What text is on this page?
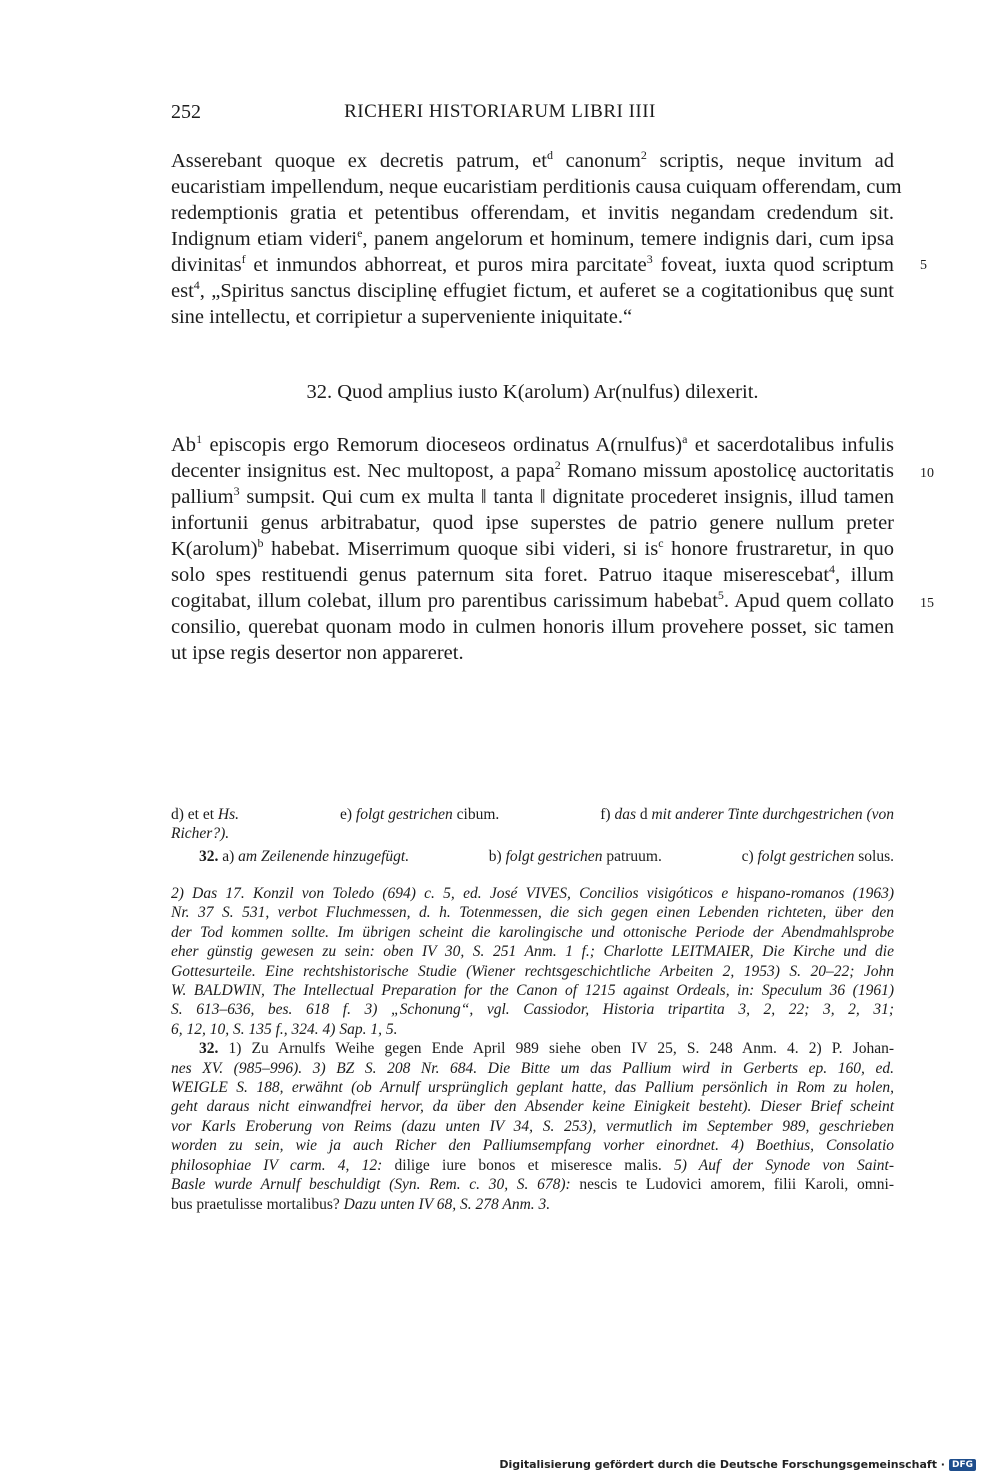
252	RICHERI HISTORIARUM LIBRI IIII
Asserebant quoque ex decretis patrum, $et^d$ canonum$^2$ scriptis, neque invitum ad
eucaristiam impellendum, neque eucaristiam perditionis causa cuiquam offerendam, cum
redemptionis gratia et petentibus offerendam, et invitis negandam credendum sit.
Indignum etiam videri$^e$, panem angelorum et hominum, temere indignis dari, cum ipsa
divinitas$^f$ et inmundos abhorreat, et puros mira parcitate$^3$ foveat, iuxta quod scriptum
est$^4$, „Spiritus sanctus disciplinę effugiet fictum, et auferet se a cogitationibus quę sunt
sine intellectu, et corripietur a superveniente iniquitate.“
5
32. Quod amplius iusto K(arolum) Ar(nulfus) dilexerit.
Ab$^1$ episcopis ergo Remorum dioceseos ordinatus A(rnulfus)$^a$ et sacerdotalibus infulis
decenter insignitus est. Nec multopost, a papa$^2$ Romano missum apostolicę auctoritatis
pallium$^3$ sumpsit. Qui cum ex multa ‖ tanta ‖ dignitate procederet insignis, illud tamen
infortunii genus arbitrabatur, quod ipse superstes de patrio genere nullum preter
K(arolum)$^b$ habebat. Miserrimum quoque sibi videri, si $is^c$ honore frustraretur, in quo
solo spes restituendi genus paternum sita foret. Patruo itaque miserescebat$^4$, illum
cogitabat, illum colebat, illum pro parentibus carissimum habebat$^5$. Apud quem collato
consilio, querebat quonam modo in culmen honoris illum provehere posset, sic tamen
ut ipse regis desertor non appareret.
10
15
d) et et Hs.	e) folgt gestrichen cibum.	f) das d mit anderer Tinte durchgestrichen (von
Richer?).
32. a) am Zeilenende hinzugefügt.	b) folgt gestrichen patruum.	c) folgt gestrichen solus.
2) Das 17. Konzil von Toledo (694) c. 5, ed. José VIVES, Concilios visigóticos e hispano-romanos (1963)
Nr. 37 S. 531, verbot Fluchmessen, d. h. Totenmessen, die sich gegen einen Lebenden richteten, über den
der Tod kommen sollte. Im übrigen scheint die karolingische und ottonische Periode der Abendmahlsprobe
eher günstig gewesen zu sein: oben IV 30, S. 251 Anm. 1 f.; Charlotte LEITMAIER, Die Kirche und die
Gottesurteile. Eine rechtshistorische Studie (Wiener rechtsgeschichtliche Arbeiten 2, 1953) S. 20–22; John
W. BALDWIN, The Intellectual Preparation for the Canon of 1215 against Ordeals, in: Speculum 36 (1961)
S. 613–636, bes. 618 f. 3) „Schonung“, vgl. Cassiodor, Historia tripartita 3, 2, 22; 3, 2, 31;
6, 12, 10, S. 135 f., 324. 4) Sap. 1, 5.
32. 1) Zu Arnulfs Weihe gegen Ende April 989 siehe oben IV 25, S. 248 Anm. 4. 2) P. Johan-
nes XV. (985–996). 3) BZ S. 208 Nr. 684. Die Bitte um das Pallium wird in Gerberts ep. 160, ed.
WEIGLE S. 188, erwähnt (ob Arnulf ursprünglich geplant hatte, das Pallium persönlich in Rom zu holen,
geht daraus nicht einwandfrei hervor, da über den Absender keine Einigkeit besteht). Dieser Brief scheint
vor Karls Eroberung von Reims (dazu unten IV 34, S. 253), vermutlich im September 989, geschrieben
worden zu sein, wie ja auch Richer den Palliumsempfang vorher einordnet. 4) Boethius, Consolatio
philosophiae IV carm. 4, 12: dilige iure bonos et miseresce malis. 5) Auf der Synode von Saint-
Basle wurde Arnulf beschuldigt (Syn. Rem. c. 30, S. 678): nescis te Ludovici amorem, filii Karoli, omni-
bus praetulisse mortalibus? Dazu unten IV 68, S. 278 Anm. 3.
Digitalisierung gefördert durch die Deutsche Forschungsgemeinschaft · DFG
